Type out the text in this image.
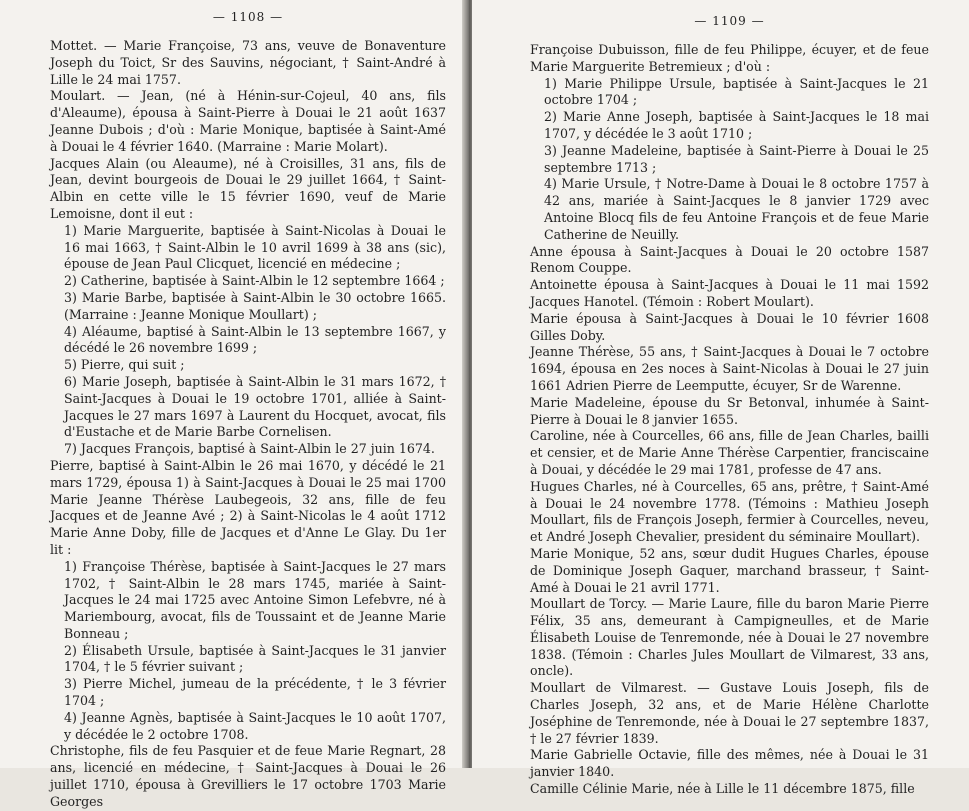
— 1108 —

Mottet. — Marie Françoise, 73 ans, veuve de Bonaventure Joseph du Toict, Sr des Sauvins, négociant, † Saint-André à Lille le 24 mai 1757.

Moulart. — Jean, (né à Hénin-sur-Cojeul, 40 ans, fils d'Aleaume), épousa à Saint-Pierre à Douai le 21 août 1637 Jeanne Dubois ; d'où : Marie Monique, baptisée à Saint-Amé à Douai le 4 février 1640. (Marraine : Marie Molart).

Jacques Alain (ou Aleaume), né à Croisilles, 31 ans, fils de Jean, devint bourgeois de Douai le 29 juillet 1664, † Saint-Albin en cette ville le 15 février 1690, veuf de Marie Lemoisne, dont il eut :

1) Marie Marguerite, baptisée à Saint-Nicolas à Douai le 16 mai 1663, † Saint-Albin le 10 avril 1699 à 38 ans (sic), épouse de Jean Paul Clicquet, licencié en médecine ;

2) Catherine, baptisée à Saint-Albin le 12 septembre 1664 ;

3) Marie Barbe, baptisée à Saint-Albin le 30 octobre 1665. (Marraine : Jeanne Monique Moullart) ;

4) Aléaume, baptisé à Saint-Albin le 13 septembre 1667, y décédé le 26 novembre 1699 ;

5) Pierre, qui suit ;

6) Marie Joseph, baptisée à Saint-Albin le 31 mars 1672, † Saint-Jacques à Douai le 19 octobre 1701, alliée à Saint-Jacques le 27 mars 1697 à Laurent du Hocquet, avocat, fils d'Eustache et de Marie Barbe Cornelisen.

7) Jacques François, baptisé à Saint-Albin le 27 juin 1674.

Pierre, baptisé à Saint-Albin le 26 mai 1670, y décédé le 21 mars 1729, épousa 1) à Saint-Jacques à Douai le 25 mai 1700 Marie Jeanne Thérèse Laubegeois, 32 ans, fille de feu Jacques et de Jeanne Avé ; 2) à Saint-Nicolas le 4 août 1712 Marie Anne Doby, fille de Jacques et d'Anne Le Glay. Du 1er lit :

1) Françoise Thérèse, baptisée à Saint-Jacques le 27 mars 1702, † Saint-Albin le 28 mars 1745, mariée à Saint-Jacques le 24 mai 1725 avec Antoine Simon Lefebvre, né à Mariembourg, avocat, fils de Toussaint et de Jeanne Marie Bonneau ;

2) Élisabeth Ursule, baptisée à Saint-Jacques le 31 janvier 1704, † le 5 février suivant ;

3) Pierre Michel, jumeau de la précédente, † le 3 février 1704 ;

4) Jeanne Agnès, baptisée à Saint-Jacques le 10 août 1707, y décédée le 2 octobre 1708.

Christophe, fils de feu Pasquier et de feue Marie Regnart, 28 ans, licencié en médecine, † Saint-Jacques à Douai le 26 juillet 1710, épousa à Grevilliers le 17 octobre 1703 Marie Georges

— 1109 —

Françoise Dubuisson, fille de feu Philippe, écuyer, et de feue Marie Marguerite Betremieux ; d'où :

1) Marie Philippe Ursule, baptisée à Saint-Jacques le 21 octobre 1704 ;

2) Marie Anne Joseph, baptisée à Saint-Jacques le 18 mai 1707, y décédée le 3 août 1710 ;

3) Jeanne Madeleine, baptisée à Saint-Pierre à Douai le 25 septembre 1713 ;

4) Marie Ursule, † Notre-Dame à Douai le 8 octobre 1757 à 42 ans, mariée à Saint-Jacques le 8 janvier 1729 avec Antoine Blocq fils de feu Antoine François et de feue Marie Catherine de Neuilly.

Anne épousa à Saint-Jacques à Douai le 20 octobre 1587 Renom Couppe.

Antoinette épousa à Saint-Jacques à Douai le 11 mai 1592 Jacques Hanotel. (Témoin : Robert Moulart).

Marie épousa à Saint-Jacques à Douai le 10 février 1608 Gilles Doby.

Jeanne Thérèse, 55 ans, † Saint-Jacques à Douai le 7 octobre 1694, épousa en 2es noces à Saint-Nicolas à Douai le 27 juin 1661 Adrien Pierre de Leemputte, écuyer, Sr de Warenne.

Marie Madeleine, épouse du Sr Betonval, inhumée à Saint-Pierre à Douai le 8 janvier 1655.

Caroline, née à Courcelles, 66 ans, fille de Jean Charles, bailli et censier, et de Marie Anne Thérèse Carpentier, franciscaine à Douai, y décédée le 29 mai 1781, professe de 47 ans.

Hugues Charles, né à Courcelles, 65 ans, prêtre, † Saint-Amé à Douai le 24 novembre 1778. (Témoins : Mathieu Joseph Moullart, fils de François Joseph, fermier à Courcelles, neveu, et André Joseph Chevalier, president du séminaire Moullart).

Marie Monique, 52 ans, sœur dudit Hugues Charles, épouse de Dominique Joseph Gaquer, marchand brasseur, † Saint-Amé à Douai le 21 avril 1771.

Moullart de Torcy. — Marie Laure, fille du baron Marie Pierre Félix, 35 ans, demeurant à Campigneulles, et de Marie Élisabeth Louise de Tenremonde, née à Douai le 27 novembre 1838. (Témoin : Charles Jules Moullart de Vilmarest, 33 ans, oncle).

Moullart de Vilmarest. — Gustave Louis Joseph, fils de Charles Joseph, 32 ans, et de Marie Hélène Charlotte Joséphine de Tenremonde, née à Douai le 27 septembre 1837, † le 27 février 1839.

Marie Gabrielle Octavie, fille des mêmes, née à Douai le 31 janvier 1840.

Camille Célinie Marie, née à Lille le 11 décembre 1875, fille
